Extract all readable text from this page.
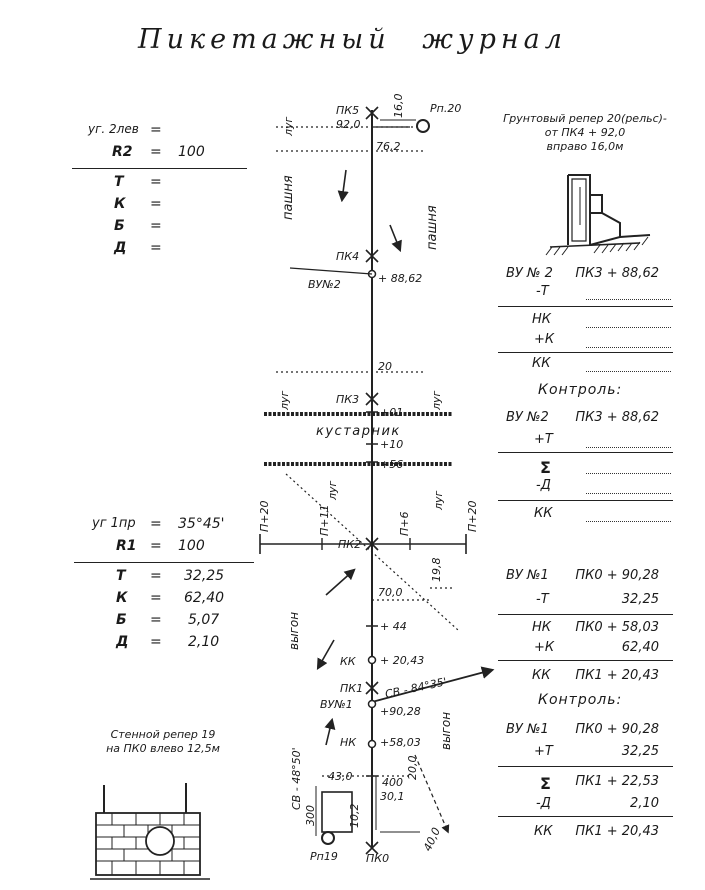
Пикетажный журнал
уг. 2лев =
R2 = 100
Т =
К =
Б =
Д =
уг 1пр = 35°45'
R1 = 100
Т = 32,25
К = 62,40
Б = 5,07
Д = 2,10
Грунтовый репер 20(рельс)-
от ПК4 + 92,0
вправо 16,0м
Стенной репер 19
на ПК0 влево 12,5м
ВУ № 2 ПК3 + 88,62
-Т
НК
+К
КК
Контроль:
ВУ №2 ПК3 + 88,62
+Т
Σ
-Д
КК
ВУ №1 ПК0 + 90,28
-Т	32,25
НК ПК0 + 58,03
+К	62,40
КК ПК1 + 20,43
Контроль:
ВУ №1 ПК0 + 90,28
+Т	32,25
Σ ПК1 + 22,53
-Д	2,10
КК ПК1 + 20,43
ПК5
92,0
16,0 Рп.20
76,2
луг
пашня
пашня
ПК4
ВУ№2	+ 88,62
20
луг	луг
ПК3
+01
кустарник
+10
+56
П+20	П+11
луг
П+6
луг
П+20
ПК2
19,8
70,0
+ 44
выгон
КК + 20,43
ПК1 СВ - 84°35'
ВУ№1
+90,28
выгон
НК +58,03
СВ - 48°50'	400
30,1
300	10,2
20,0
43,0
40,0
Рп19	ПК0
